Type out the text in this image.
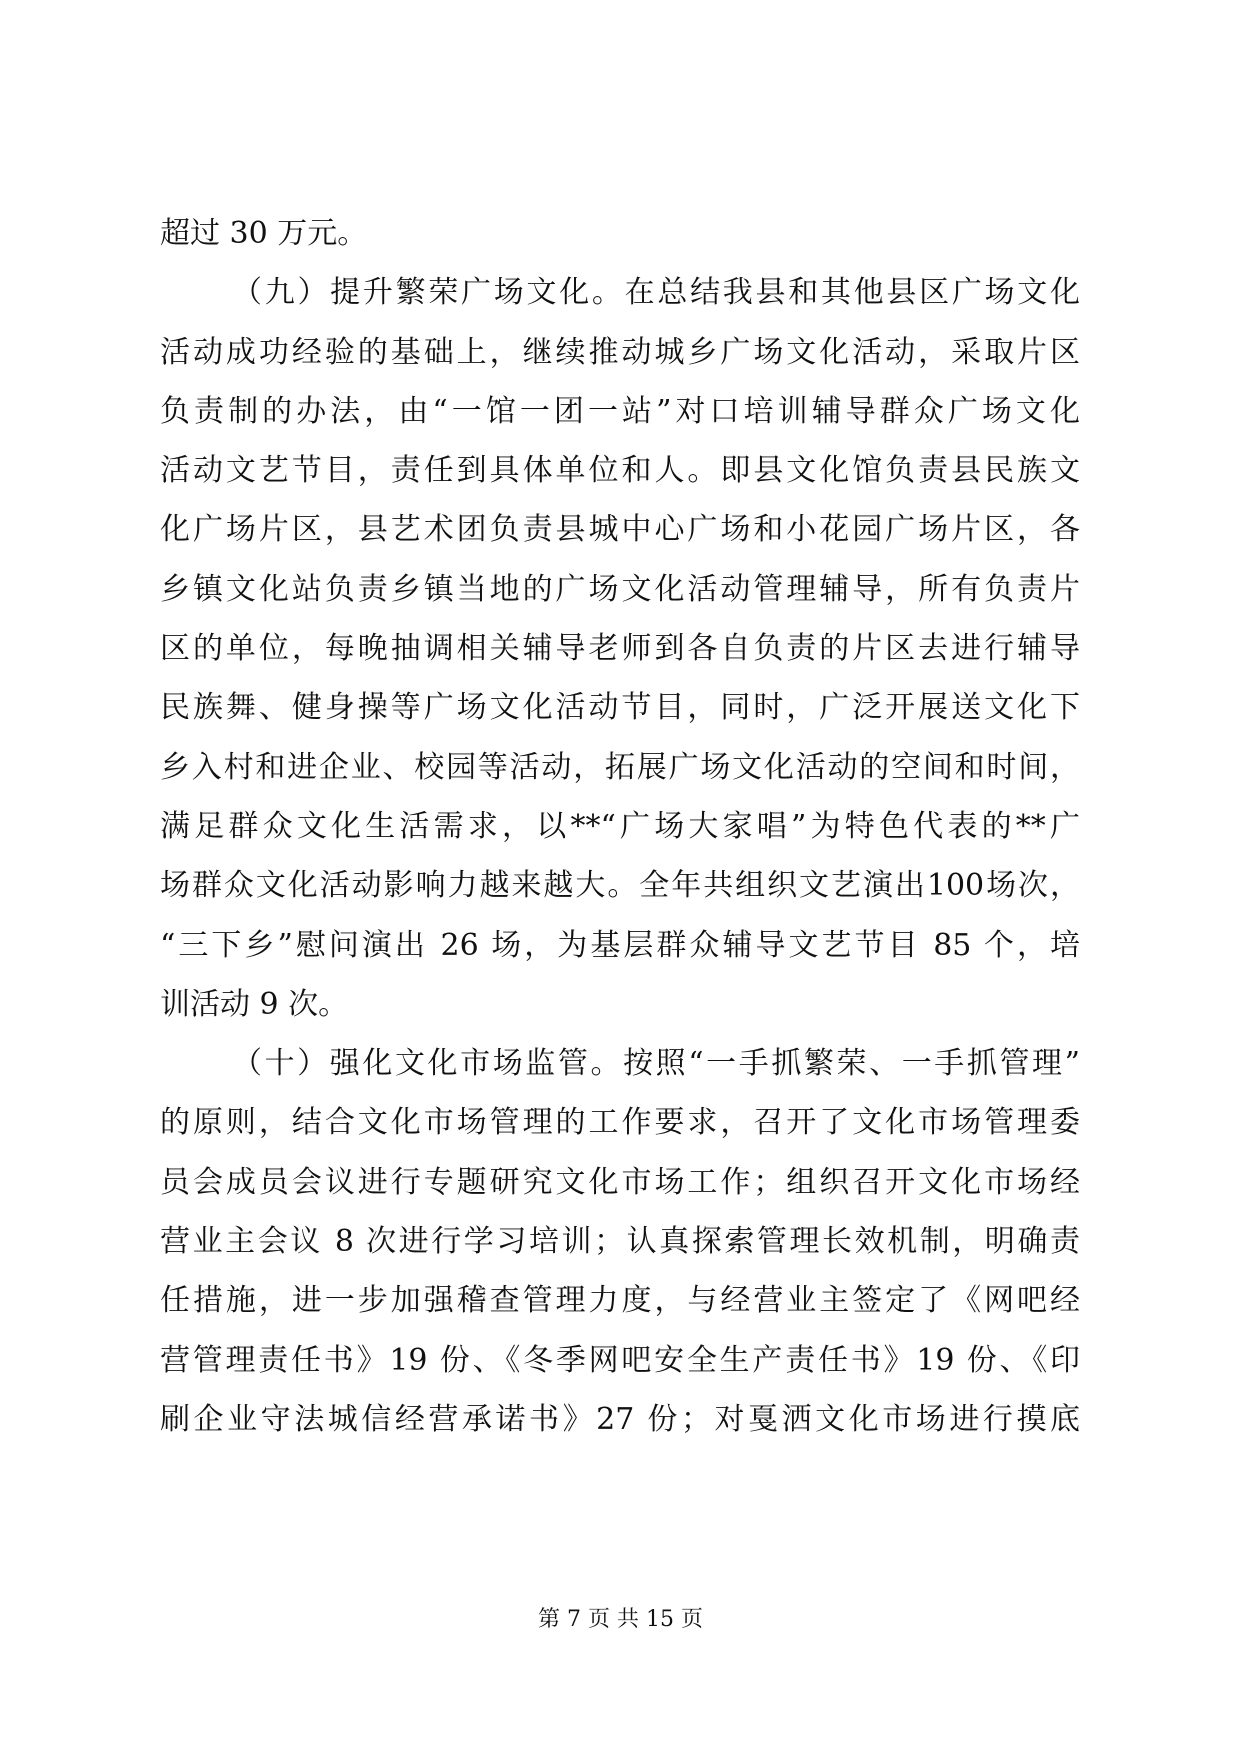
超过 30 万元。
（九）提升繁荣广场文化。在总结我县和其他县区广场文化
活动成功经验的基础上，继续推动城乡广场文化活动，采取片区
负责制的办法，由“一馆一团一站”对口培训辅导群众广场文化
活动文艺节目，责任到具体单位和人。即县文化馆负责县民族文
化广场片区，县艺术团负责县城中心广场和小花园广场片区，各
乡镇文化站负责乡镇当地的广场文化活动管理辅导，所有负责片
区的单位，每晚抽调相关辅导老师到各自负责的片区去进行辅导
民族舞、健身操等广场文化活动节目，同时，广泛开展送文化下
乡入村和进企业、校园等活动，拓展广场文化活动的空间和时间，
满足群众文化生活需求，以**“广场大家唱”为特色代表的**广
场群众文化活动影响力越来越大。全年共组织文艺演出100场次，
“三下乡”慰问演出 26 场，为基层群众辅导文艺节目 85 个，培
训活动 9 次。
（十）强化文化市场监管。按照“一手抓繁荣、一手抓管理”
的原则，结合文化市场管理的工作要求，召开了文化市场管理委
员会成员会议进行专题研究文化市场工作；组织召开文化市场经
营业主会议 8 次进行学习培训；认真探索管理长效机制，明确责
任措施，进一步加强稽查管理力度，与经营业主签定了《网吧经
营管理责任书》19 份、《冬季网吧安全生产责任书》19 份、《印
刷企业守法城信经营承诺书》27 份；对戛洒文化市场进行摸底
第 7 页 共 15 页
